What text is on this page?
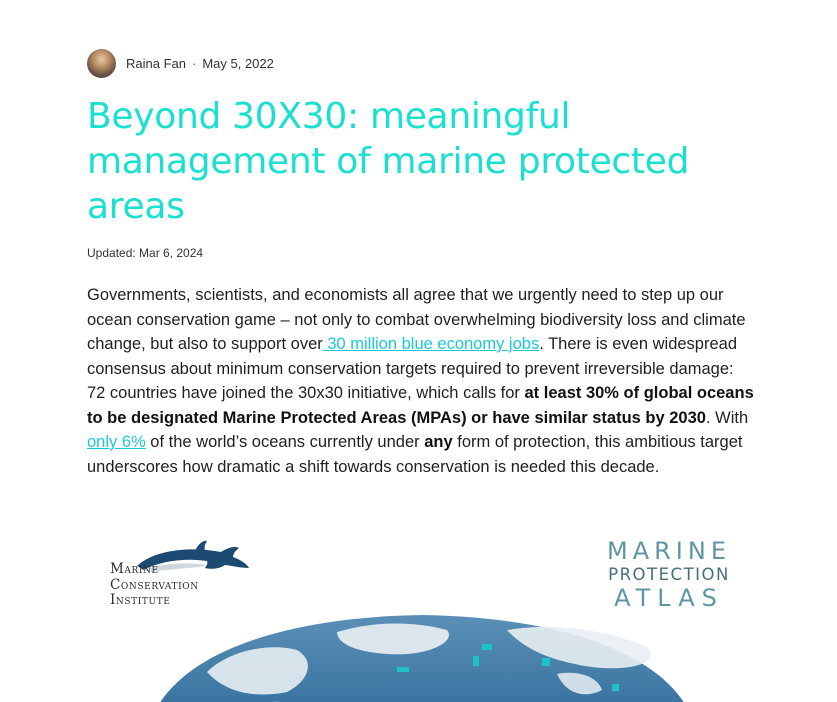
Raina Fan · May 5, 2022
Beyond 30X30: meaningful management of marine protected areas
Updated: Mar 6, 2024

Governments, scientists, and economists all agree that we urgently need to step up our ocean conservation game – not only to combat overwhelming biodiversity loss and climate change, but also to support over 30 million blue economy jobs. There is even widespread consensus about minimum conservation targets required to prevent irreversible damage: 72 countries have joined the 30x30 initiative, which calls for at least 30% of global oceans to be designated Marine Protected Areas (MPAs) or have similar status by 2030. With only 6% of the world’s oceans currently under any form of protection, this ambitious target underscores how dramatic a shift towards conservation is needed this decade.

Marine
Conservation
Institute
MARINE
PROTECTION
ATLAS
